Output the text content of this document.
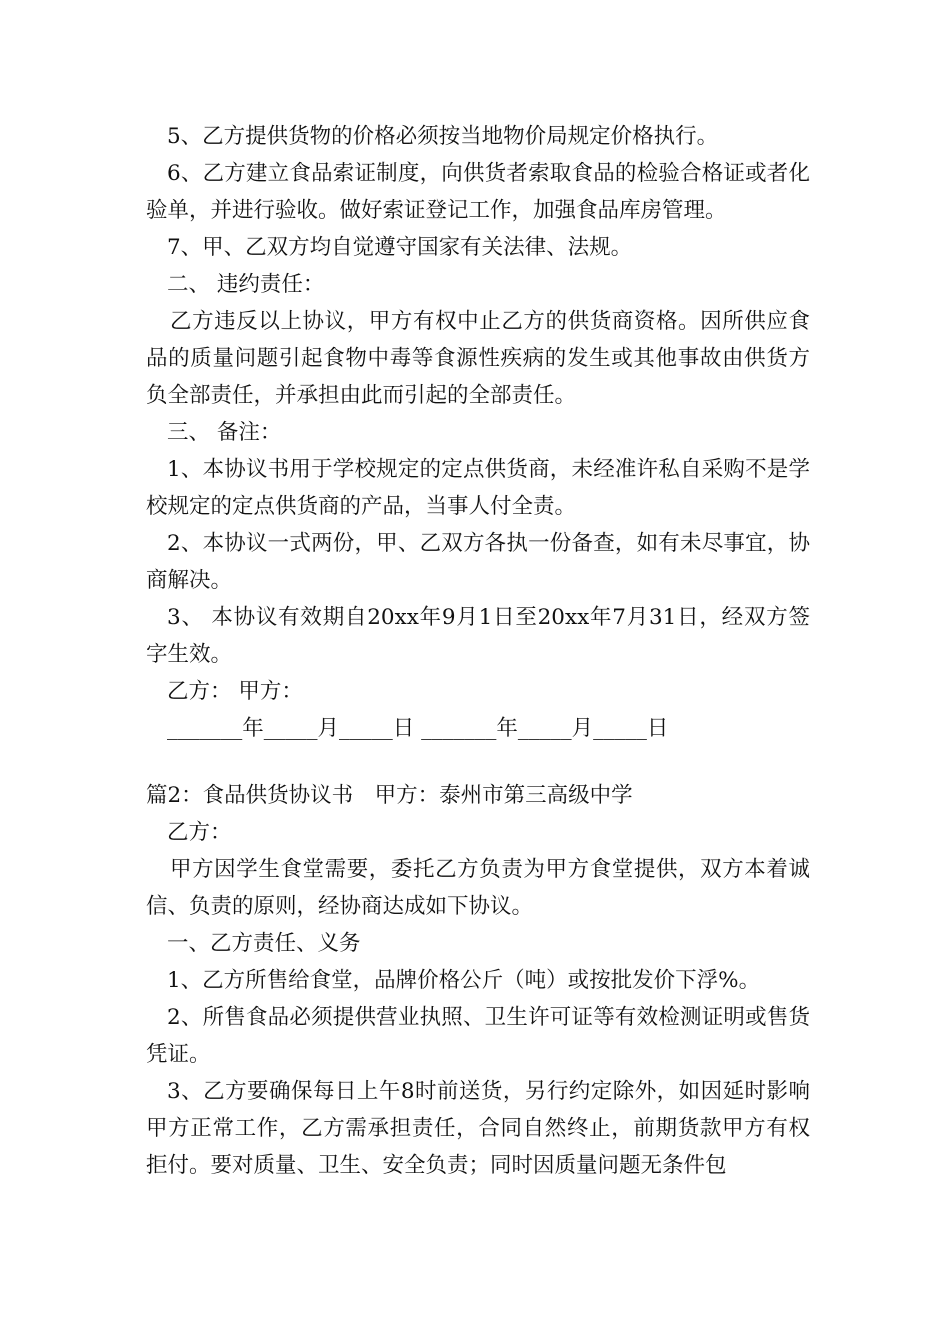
5、乙方提供货物的价格必须按当地物价局规定价格执行。

6、乙方建立食品索证制度，向供货者索取食品的检验合格证或者化验单，并进行验收。做好索证登记工作，加强食品库房管理。

7、甲、乙双方均自觉遵守国家有关法律、法规。

二、 违约责任：

乙方违反以上协议，甲方有权中止乙方的供货商资格。因所供应食品的质量问题引起食物中毒等食源性疾病的发生或其他事故由供货方负全部责任，并承担由此而引起的全部责任。

三、 备注：

1、本协议书用于学校规定的定点供货商，未经准许私自采购不是学校规定的定点供货商的产品，当事人付全责。

2、本协议一式两份，甲、乙双方各执一份备查，如有未尽事宜，协商解决。

3、 本协议有效期自20xx年9月1日至20xx年7月31日，经双方签字生效。

乙方： 甲方：

_______年_____月_____日 _______年_____月_____日

篇2：食品供货协议书　甲方：泰州市第三高级中学

乙方：

甲方因学生食堂需要，委托乙方负责为甲方食堂提供，双方本着诚信、负责的原则，经协商达成如下协议。

一、乙方责任、义务

1、乙方所售给食堂，品牌价格公斤（吨）或按批发价下浮%。

2、所售食品必须提供营业执照、卫生许可证等有效检测证明或售货凭证。

3、乙方要确保每日上午8时前送货，另行约定除外，如因延时影响甲方正常工作，乙方需承担责任，合同自然终止，前期货款甲方有权拒付。要对质量、卫生、安全负责；同时因质量问题无条件包
